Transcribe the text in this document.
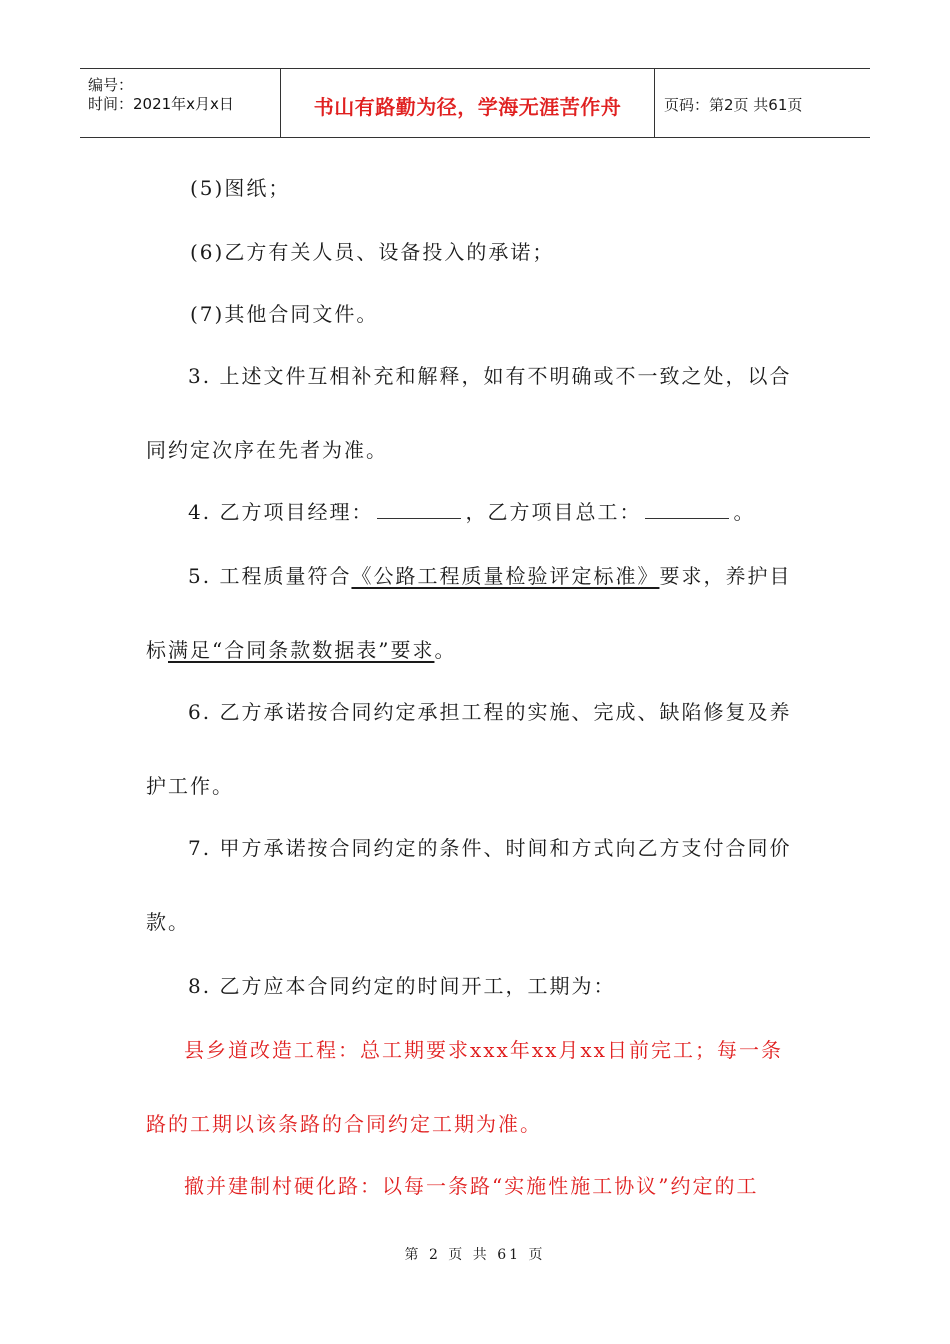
编号：
时间：2021年x月x日	书山有路勤为径，学海无涯苦作舟	页码：第2页 共61页
(5)图纸；
(6)乙方有关人员、设备投入的承诺；
(7)其他合同文件。
3. 上述文件互相补充和解释，如有不明确或不一致之处，以合
同约定次序在先者为准。
4. 乙方项目经理：	，乙方项目总工：	。
5. 工程质量符合《公路工程质量检验评定标准》要求，养护目
标满足“合同条款数据表”要求。
6. 乙方承诺按合同约定承担工程的实施、完成、缺陷修复及养
护工作。
7. 甲方承诺按合同约定的条件、时间和方式向乙方支付合同价
款。
8. 乙方应本合同约定的时间开工，工期为：
县乡道改造工程：总工期要求xxx年xx月xx日前完工；每一条
路的工期以该条路的合同约定工期为准。
撤并建制村硬化路：以每一条路“实施性施工协议”约定的工
第 2 页 共 61 页
